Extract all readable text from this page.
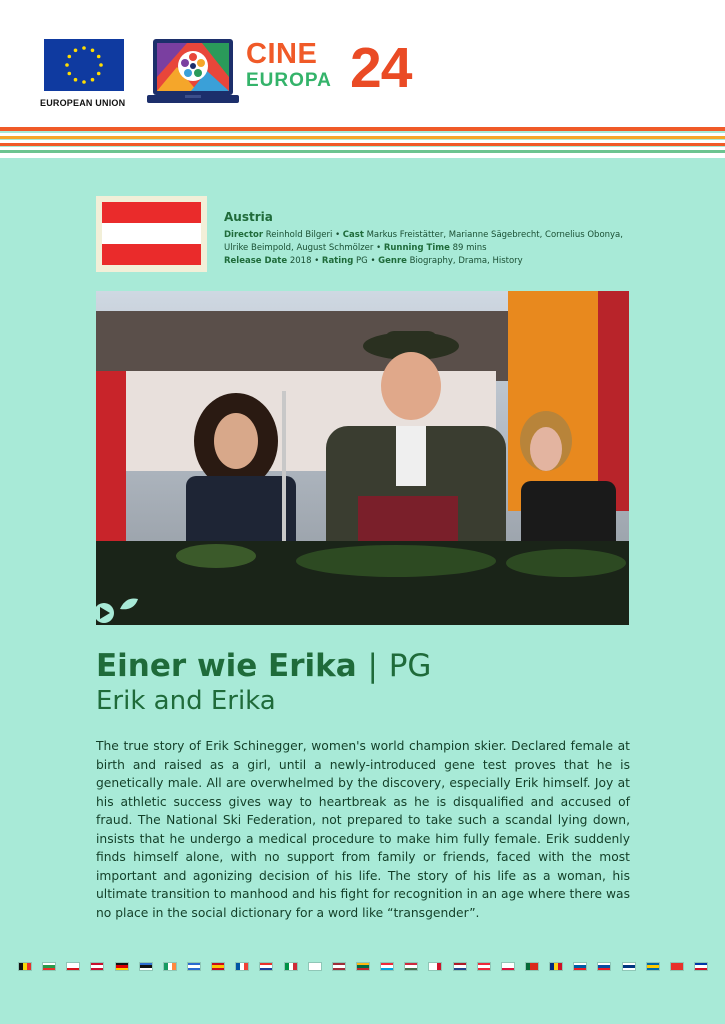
EUROPEAN UNION
CINE
EUROPA 24
Austria
Director Reinhold Bilgeri • Cast Markus Freistätter, Marianne Sägebrecht, Cornelius Obonya, Ulrike Beimpold, August Schmölzer • Running Time 89 mins
Release Date 2018 • Rating PG • Genre Biography, Drama, History
Einer wie Erika | PG
Erik and Erika
The true story of Erik Schinegger, women's world champion skier. Declared female at birth and raised as a girl, until a newly-introduced gene test proves that he is genetically male. All are overwhelmed by the discovery, especially Erik himself. Joy at his athletic success gives way to heartbreak as he is disqualified and accused of fraud. The National Ski Federation, not prepared to take such a scandal lying down, insists that he undergo a medical procedure to make him fully female. Erik suddenly finds himself alone, with no support from family or friends, faced with the most important and agonizing decision of his life. The story of his life as a woman, his ultimate transition to manhood and his fight for recognition in an age where there was no place in the social dictionary for a word like “transgender”.
